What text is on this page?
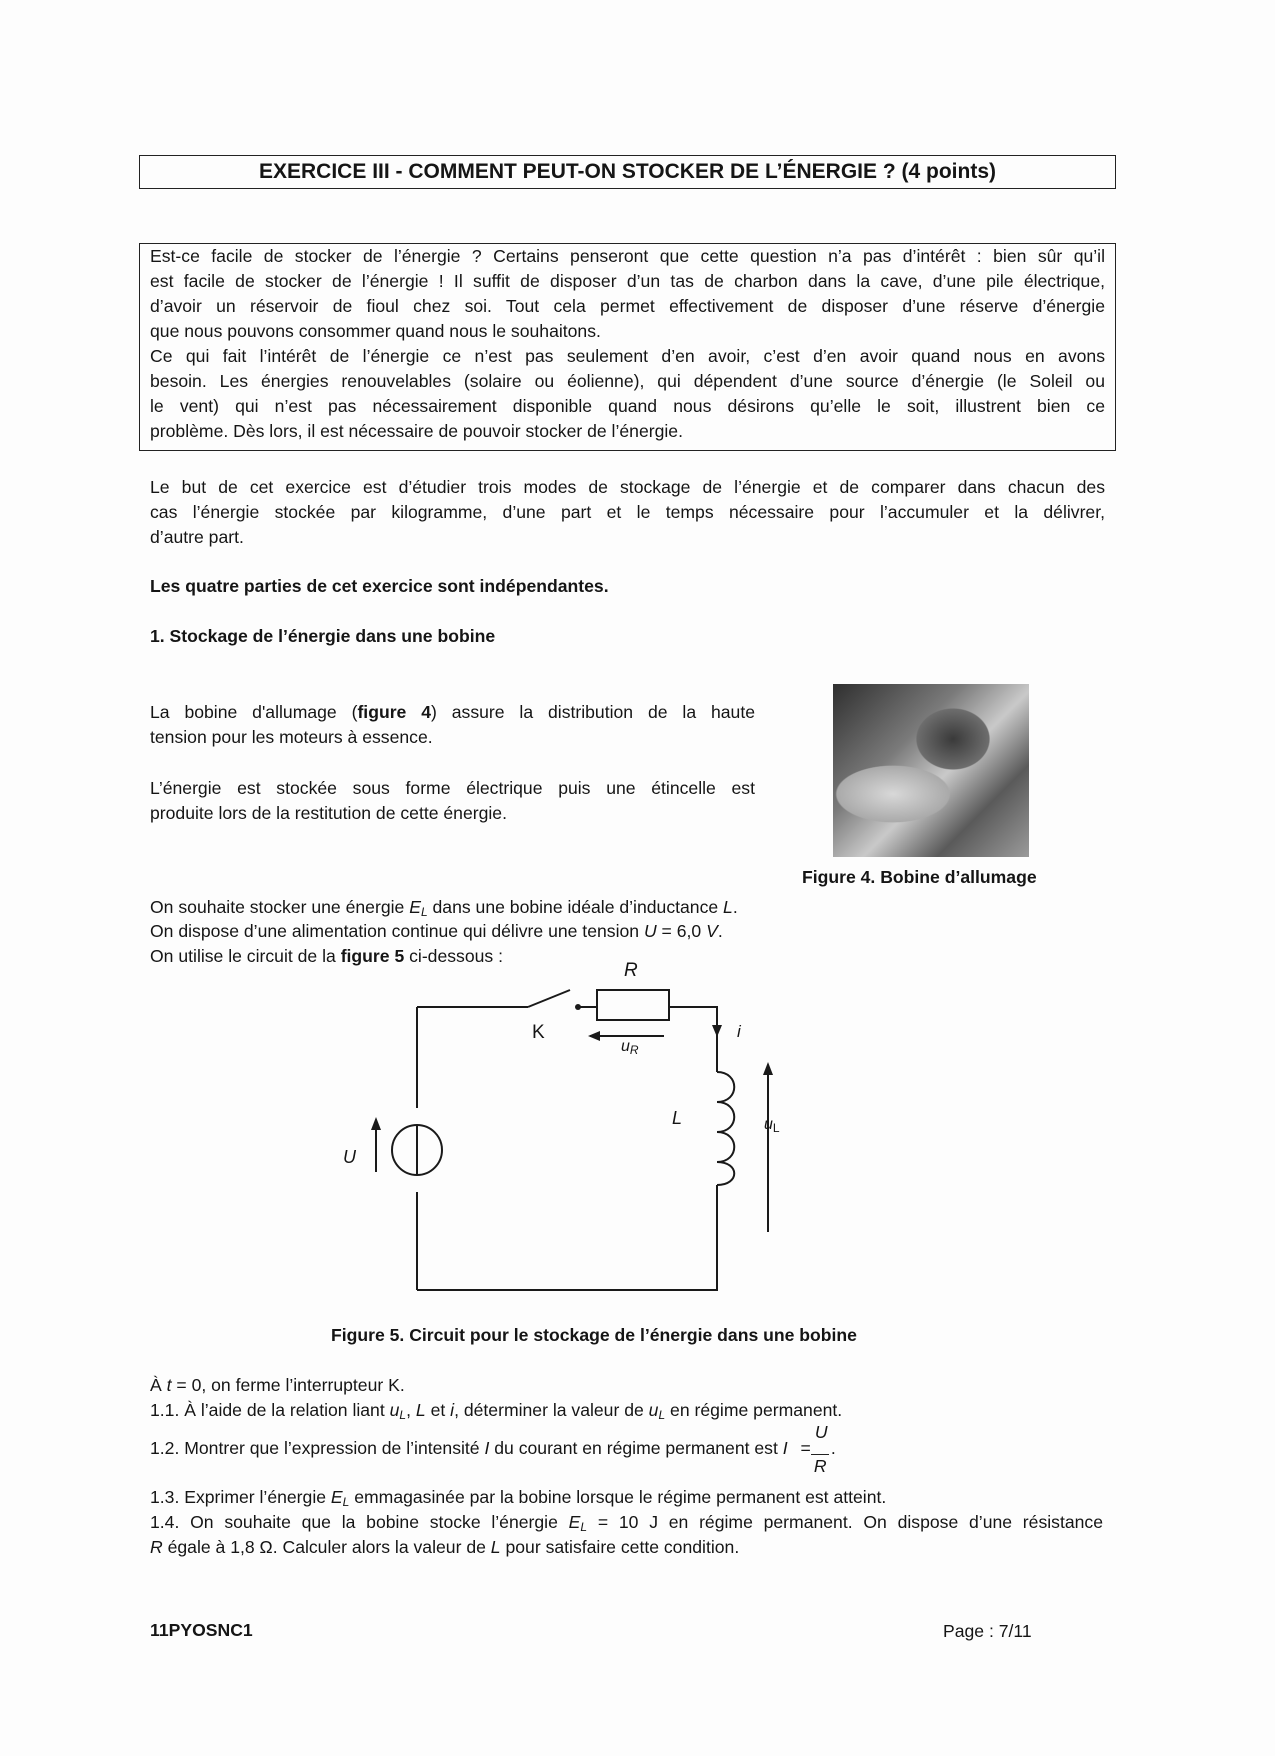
EXERCICE III - COMMENT PEUT-ON STOCKER DE L’ÉNERGIE ? (4 points)
Est-ce facile de stocker de l’énergie ? Certains penseront que cette question n’a pas d’intérêt : bien sûr qu’il
est facile de stocker de l’énergie ! Il suffit de disposer d’un tas de charbon dans la cave, d’une pile électrique,
d’avoir un réservoir de fioul chez soi. Tout cela permet effectivement de disposer d’une réserve d’énergie
que nous pouvons consommer quand nous le souhaitons.
Ce qui fait l’intérêt de l’énergie ce n’est pas seulement d’en avoir, c’est d’en avoir quand nous en avons
besoin. Les énergies renouvelables (solaire ou éolienne), qui dépendent d’une source d’énergie (le Soleil ou
le vent) qui n’est pas nécessairement disponible quand nous désirons qu’elle le soit, illustrent bien ce
problème. Dès lors, il est nécessaire de pouvoir stocker de l’énergie.
Le but de cet exercice est d’étudier trois modes de stockage de l’énergie et de comparer dans chacun des
cas l’énergie stockée par kilogramme, d’une part et le temps nécessaire pour l’accumuler et la délivrer,
d’autre part.
Les quatre parties de cet exercice sont indépendantes.
1. Stockage de l’énergie dans une bobine
La bobine d'allumage (figure 4) assure la distribution de la haute
tension pour les moteurs à essence.
L’énergie est stockée sous forme électrique puis une étincelle est
produite lors de la restitution de cette énergie.
Figure 4. Bobine d’allumage
On souhaite stocker une énergie $E_L$ dans une bobine idéale d’inductance L.
On dispose d’une alimentation continue qui délivre une tension U = 6,0 V.
On utilise le circuit de la figure 5 ci-dessous :
R
K
uR
i
L	uL
U
Figure 5. Circuit pour le stockage de l’énergie dans une bobine
À t = 0, on ferme l’interrupteur K.
1.1. À l’aide de la relation liant $u_L$, L et i, déterminer la valeur de $u_L$ en régime permanent.
1.2. Montrer que l’expression de l’intensité I du courant en régime permanent est $I = \frac{U}{R}$ .
1.3. Exprimer l’énergie $E_L$ emmagasinée par la bobine lorsque le régime permanent est atteint.
1.4. On souhaite que la bobine stocke l’énergie $E_L = 10$ J en régime permanent. On dispose d’une résistance
R égale à 1,8 Ω. Calculer alors la valeur de L pour satisfaire cette condition.
11PYOSNC1	Page : 7/11
